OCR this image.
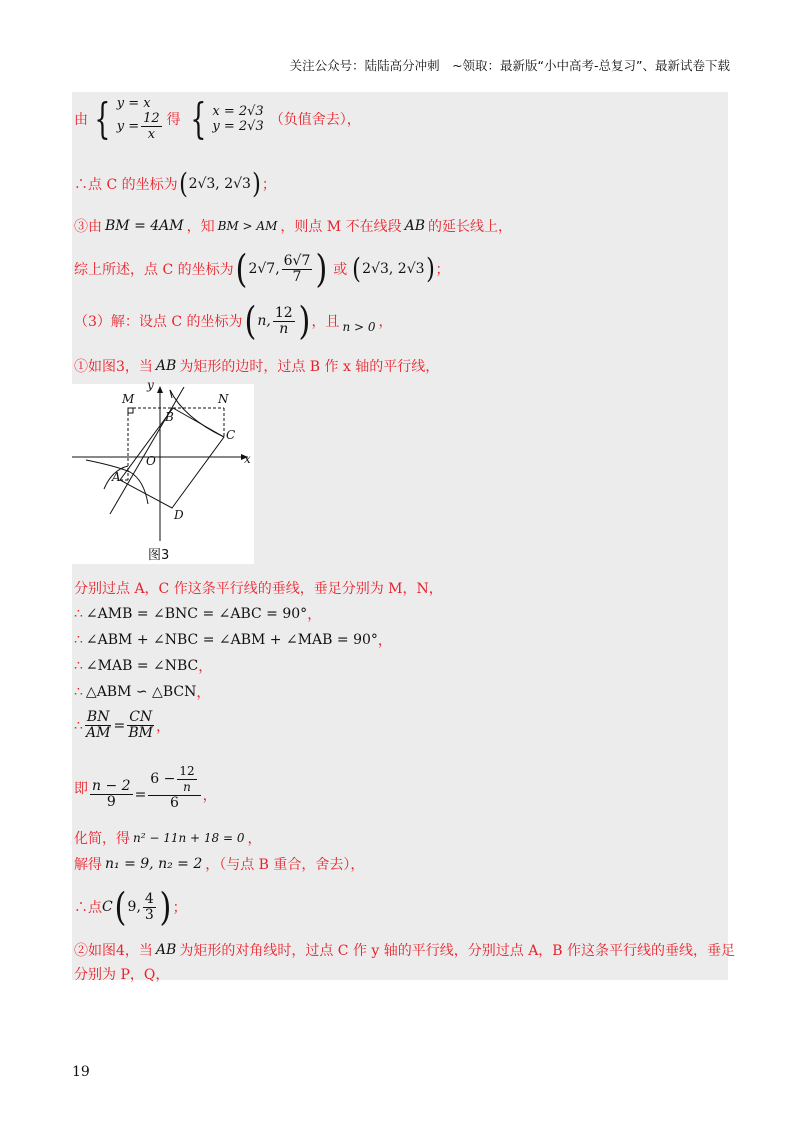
关注公众号：陆陆高分冲刺　~领取：最新版“小中高考-总复习”、最新试卷下载
由 { y = x
$y = \frac{12}{x}$ 得 { x = 2√3
y = 2√3 （负值舍去），
∴点 C 的坐标为 ( 2√3, 2√3 ) ；
③由 BM = 4AM ，知 BM > AM ，则点 M 不在线段 AB 的延长线上，
综上所述，点 C 的坐标为 ( 2√7, $\frac{6√7}{7}$ ) 或 ( 2√3, 2√3 ) ；
（3）解：设点 C 的坐标为 ( n, $\frac{12}{n}$ ) ，且 n > 0 ，
①如图3，当 AB 为矩形的边时，过点 B 作 x 轴的平行线，
y
M	N
B
C
O	x
A
D
图3
分别过点 A，C 作这条平行线的垂线，垂足分别为 M，N，
∴ ∠AMB = ∠BNC = ∠ABC = 90° ，
∴ ∠ABM + ∠NBC = ∠ABM + ∠MAB = 90° ，
∴ ∠MAB = ∠NBC ，
∴ △ABM ∽ △BCN ，
∴ $\frac{BN}{AM} = \frac{CN}{BM}$ ，
即 $\frac{n - 2}{9} = \frac{6 - \frac{12}{n}}{6}$ ，
化简，得 n² − 11n + 18 = 0 ，
解得 n₁ = 9, n₂ = 2 ，（与点 B 重合，舍去），
∴点 C ( 9, $\frac{4}{3}$ ) ；
②如图4，当 AB 为矩形的对角线时，过点 C 作 y 轴的平行线，分别过点 A，B 作这条平行线的垂线，垂足
分别为 P，Q，
19
